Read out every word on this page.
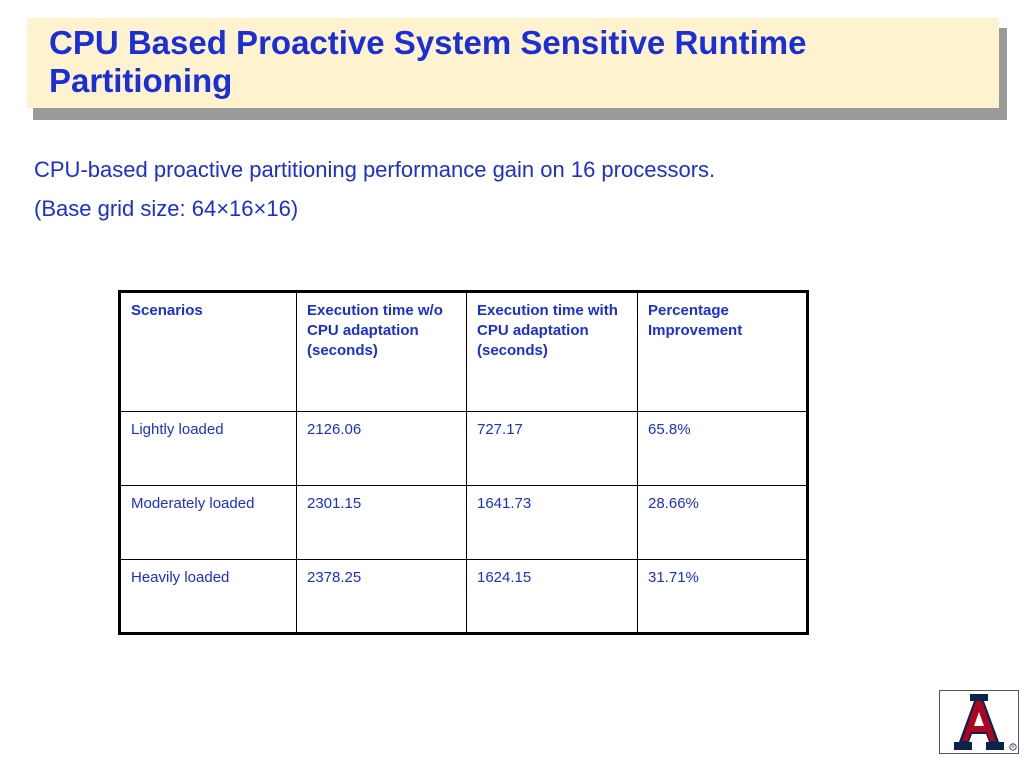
CPU Based Proactive System Sensitive Runtime Partitioning
CPU-based proactive partitioning performance gain on 16 processors.
(Base grid size: 64×16×16)
Scenarios	Execution time w/o CPU adaptation (seconds)	Execution time with CPU adaptation (seconds)	Percentage Improvement
Lightly loaded	2126.06	727.17	65.8%
Moderately loaded	2301.15	1641.73	28.66%
Heavily loaded	2378.25	1624.15	31.71%
R
